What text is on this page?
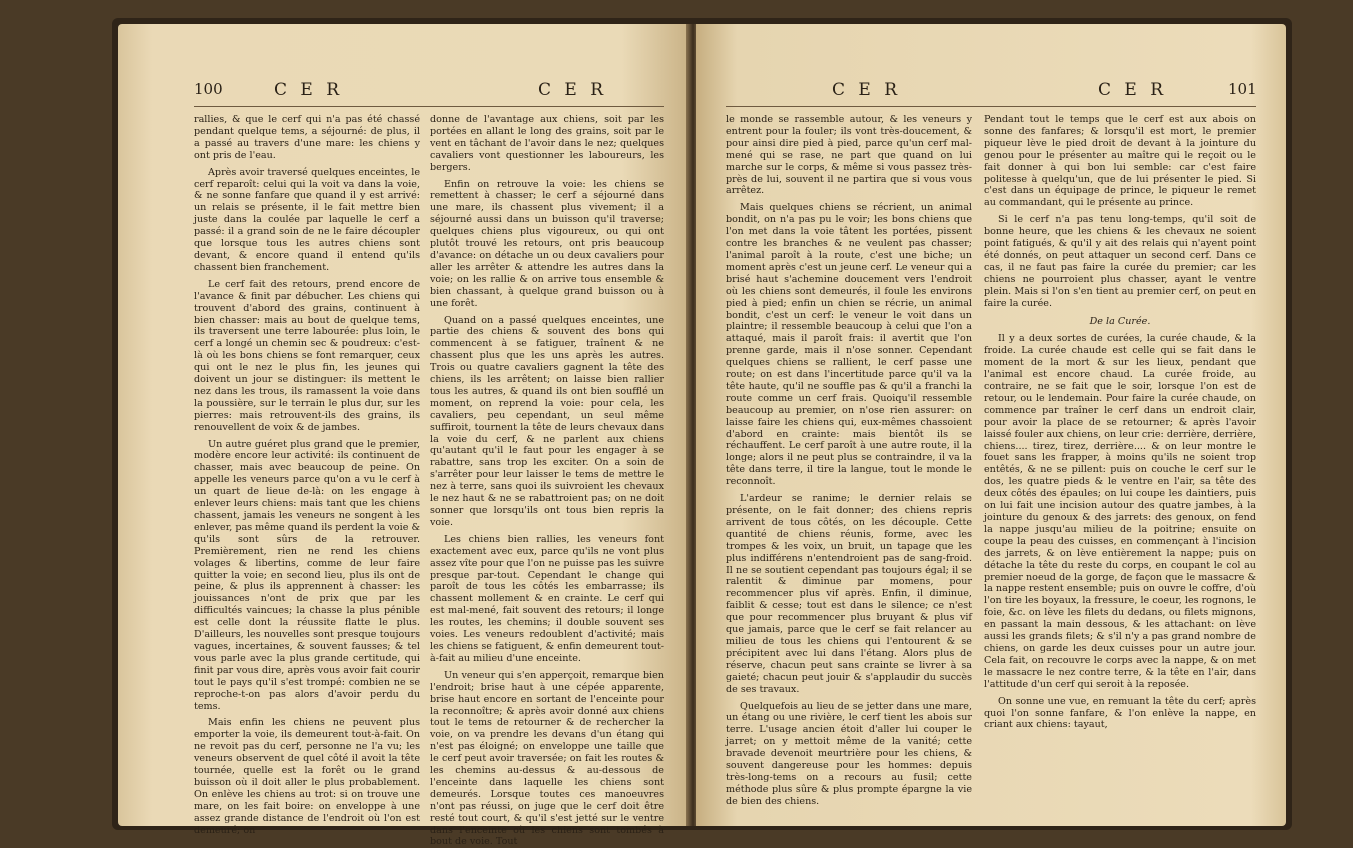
100	C E R	C E R

rallies, & que le cerf qui n'a pas été chassé pendant quelque tems, a séjourné: de plus, il a passé au travers d'une mare: les chiens y ont pris de l'eau.

Après avoir traversé quelques enceintes, le cerf reparoît: celui qui la voit va dans la voie, & ne sonne fanfare que quand il y est arrivé: un relais se présente, il le fait mettre bien juste dans la coulée par laquelle le cerf a passé: il a grand soin de ne le faire découpler que lorsque tous les autres chiens sont devant, & encore quand il entend qu'ils chassent bien franchement.

Le cerf fait des retours, prend encore de l'avance & finit par débucher. Les chiens qui trouvent d'abord des grains, continuent à bien chasser: mais au bout de quelque tems, ils traversent une terre labourée: plus loin, le cerf a longé un chemin sec & poudreux: c'est-là où les bons chiens se font remarquer, ceux qui ont le nez le plus fin, les jeunes qui doivent un jour se distinguer: ils mettent le nez dans les trous, ils ramassent la voie dans la poussière, sur le terrain le plus dur, sur les pierres: mais retrouvent-ils des grains, ils renouvellent de voix & de jambes.

Un autre guéret plus grand que le premier, modère encore leur activité: ils continuent de chasser, mais avec beaucoup de peine. On appelle les veneurs parce qu'on a vu le cerf à un quart de lieue de-là: on les engage à enlever leurs chiens: mais tant que les chiens chassent, jamais les veneurs ne songent à les enlever, pas même quand ils perdent la voie & qu'ils sont sûrs de la retrouver. Premièrement, rien ne rend les chiens volages & libertins, comme de leur faire quitter la voie; en second lieu, plus ils ont de peine, & plus ils apprennent à chasser: les jouissances n'ont de prix que par les difficultés vaincues; la chasse la plus pénible est celle dont la réussite flatte le plus. D'ailleurs, les nouvelles sont presque toujours vagues, incertaines, & souvent fausses; & tel vous parle avec la plus grande certitude, qui finit par vous dire, après vous avoir fait courir tout le pays qu'il s'est trompé: combien ne se reproche-t-on pas alors d'avoir perdu du tems.

Mais enfin les chiens ne peuvent plus emporter la voie, ils demeurent tout-à-fait. On ne revoit pas du cerf, personne ne l'a vu; les veneurs observent de quel côté il avoit la tête tournée, quelle est la forêt ou le grand buisson où il doit aller le plus probablement. On enlève les chiens au trot: si on trouve une mare, on les fait boire: on enveloppe à une assez grande distance de l'endroit où l'on est demeuré; on

donne de l'avantage aux chiens, soit par les portées en allant le long des grains, soit par le vent en tâchant de l'avoir dans le nez; quelques cavaliers vont questionner les laboureurs, les bergers.

Enfin on retrouve la voie: les chiens se remettent à chasser; le cerf a séjourné dans une mare, ils chassent plus vivement; il a séjourné aussi dans un buisson qu'il traverse; quelques chiens plus vigoureux, ou qui ont plutôt trouvé les retours, ont pris beaucoup d'avance: on détache un ou deux cavaliers pour aller les arrêter & attendre les autres dans la voie; on les rallie & on arrive tous ensemble & bien chassant, à quelque grand buisson ou à une forêt.

Quand on a passé quelques enceintes, une partie des chiens & souvent des bons qui commencent à se fatiguer, traînent & ne chassent plus que les uns après les autres. Trois ou quatre cavaliers gagnent la tête des chiens, ils les arrêtent; on laisse bien rallier tous les autres, & quand ils ont bien soufflé un moment, on reprend la voie: pour cela, les cavaliers, peu cependant, un seul même suffiroit, tournent la tête de leurs chevaux dans la voie du cerf, & ne parlent aux chiens qu'autant qu'il le faut pour les engager à se rabattre, sans trop les exciter. On a soin de s'arrêter pour leur laisser le tems de mettre le nez à terre, sans quoi ils suivroient les chevaux le nez haut & ne se rabattroient pas; on ne doit sonner que lorsqu'ils ont tous bien repris la voie.

Les chiens bien rallies, les veneurs font exactement avec eux, parce qu'ils ne vont plus assez vîte pour que l'on ne puisse pas les suivre presque par-tout. Cependant le change qui paroît de tous les côtés les embarrasse; ils chassent mollement & en crainte. Le cerf qui est mal-mené, fait souvent des retours; il longe les routes, les chemins; il double souvent ses voies. Les veneurs redoublent d'activité; mais les chiens se fatiguent, & enfin demeurent tout-à-fait au milieu d'une enceinte.

Un veneur qui s'en apperçoit, remarque bien l'endroit; brise haut à une cépée apparente, brise haut encore en sortant de l'enceinte pour la reconnoître; & après avoir donné aux chiens tout le tems de retourner & de rechercher la voie, on va prendre les devans d'un étang qui n'est pas éloigné; on enveloppe une taille que le cerf peut avoir traversée; on fait les routes & les chemins au-dessus & au-dessous de l'enceinte dans laquelle les chiens sont demeurés. Lorsque toutes ces manoeuvres n'ont pas réussi, on juge que le cerf doit être resté tout court, & qu'il s'est jetté sur le ventre dans l'enceinte où les chiens sont tombés à bout de voie. Tout

C E R	C E R	101

le monde se rassemble autour, & les veneurs y entrent pour la fouler; ils vont très-doucement, & pour ainsi dire pied à pied, parce qu'un cerf mal-mené qui se rase, ne part que quand on lui marche sur le corps, & même si vous passez très-près de lui, souvent il ne partira que si vous vous arrêtez.

Mais quelques chiens se récrient, un animal bondit, on n'a pas pu le voir; les bons chiens que l'on met dans la voie tâtent les portées, pissent contre les branches & ne veulent pas chasser; l'animal paroît à la route, c'est une biche; un moment après c'est un jeune cerf. Le veneur qui a brisé haut s'achemine doucement vers l'endroit où les chiens sont demeurés, il foule les environs pied à pied; enfin un chien se récrie, un animal bondit, c'est un cerf: le veneur le voit dans un plaintre; il ressemble beaucoup à celui que l'on a attaqué, mais il paroît frais: il avertit que l'on prenne garde, mais il n'ose sonner. Cependant quelques chiens se rallient, le cerf passe une route; on est dans l'incertitude parce qu'il va la tête haute, qu'il ne souffle pas & qu'il a franchi la route comme un cerf frais. Quoiqu'il ressemble beaucoup au premier, on n'ose rien assurer: on laisse faire les chiens qui, eux-mêmes chassoient d'abord en crainte: mais bientôt ils se réchauffent. Le cerf paroît à une autre route, il la longe; alors il ne peut plus se contraindre, il va la tête dans terre, il tire la langue, tout le monde le reconnoît.

L'ardeur se ranime; le dernier relais se présente, on le fait donner; des chiens repris arrivent de tous côtés, on les découple. Cette quantité de chiens réunis, forme, avec les trompes & les voix, un bruit, un tapage que les plus indifférens n'entendroient pas de sang-froid. Il ne se soutient cependant pas toujours égal; il se ralentit & diminue par momens, pour recommencer plus vif après. Enfin, il diminue, faiblit & cesse; tout est dans le silence; ce n'est que pour recommencer plus bruyant & plus vif que jamais, parce que le cerf se fait relancer au milieu de tous les chiens qui l'entourent & se précipitent avec lui dans l'étang. Alors plus de réserve, chacun peut sans crainte se livrer à sa gaieté; chacun peut jouir & s'applaudir du succès de ses travaux.

Quelquefois au lieu de se jetter dans une mare, un étang ou une rivière, le cerf tient les abois sur terre. L'usage ancien étoit d'aller lui couper le jarret; on y mettoit même de la vanité; cette bravade devenoit meurtrière pour les chiens, & souvent dangereuse pour les hommes: depuis très-long-tems on a recours au fusil; cette méthode plus sûre & plus prompte épargne la vie de bien des chiens.

Pendant tout le temps que le cerf est aux abois on sonne des fanfares; & lorsqu'il est mort, le premier piqueur lève le pied droit de devant à la jointure du genou pour le présenter au maître qui le reçoit ou le fait donner à qui bon lui semble: car c'est faire politesse à quelqu'un, que de lui présenter le pied. Si c'est dans un équipage de prince, le piqueur le remet au commandant, qui le présente au prince.

Si le cerf n'a pas tenu long-temps, qu'il soit de bonne heure, que les chiens & les chevaux ne soient point fatigués, & qu'il y ait des relais qui n'ayent point été donnés, on peut attaquer un second cerf. Dans ce cas, il ne faut pas faire la curée du premier; car les chiens ne pourroient plus chasser, ayant le ventre plein. Mais si l'on s'en tient au premier cerf, on peut en faire la curée.

De la Curée.

Il y a deux sortes de curées, la curée chaude, & la froide. La curée chaude est celle qui se fait dans le moment de la mort & sur les lieux, pendant que l'animal est encore chaud. La curée froide, au contraire, ne se fait que le soir, lorsque l'on est de retour, ou le lendemain. Pour faire la curée chaude, on commence par traîner le cerf dans un endroit clair, pour avoir la place de se retourner; & après l'avoir laissé fouler aux chiens, on leur crie: derrière, derrière, chiens.... tirez, tirez, derrière.... & on leur montre le fouet sans les frapper, à moins qu'ils ne soient trop entêtés, & ne se pillent: puis on couche le cerf sur le dos, les quatre pieds & le ventre en l'air, sa tête des deux côtés des épaules; on lui coupe les daintiers, puis on lui fait une incision autour des quatre jambes, à la jointure du genoux & des jarrets: des genoux, on fend la nappe jusqu'au milieu de la poitrine; ensuite on coupe la peau des cuisses, en commençant à l'incision des jarrets, & on lève entièrement la nappe; puis on détache la tête du reste du corps, en coupant le col au premier noeud de la gorge, de façon que le massacre & la nappe restent ensemble; puis on ouvre le coffre, d'où l'on tire les boyaux, la fressure, le coeur, les rognons, le foie, &c. on lève les filets du dedans, ou filets mignons, en passant la main dessous, & les attachant: on lève aussi les grands filets; & s'il n'y a pas grand nombre de chiens, on garde les deux cuisses pour un autre jour. Cela fait, on recouvre le corps avec la nappe, & on met le massacre le nez contre terre, & la tête en l'air, dans l'attitude d'un cerf qui seroit à la reposée.

On sonne une vue, en remuant la tête du cerf; après quoi l'on sonne fanfare, & l'on enlève la nappe, en criant aux chiens: tayaut,
